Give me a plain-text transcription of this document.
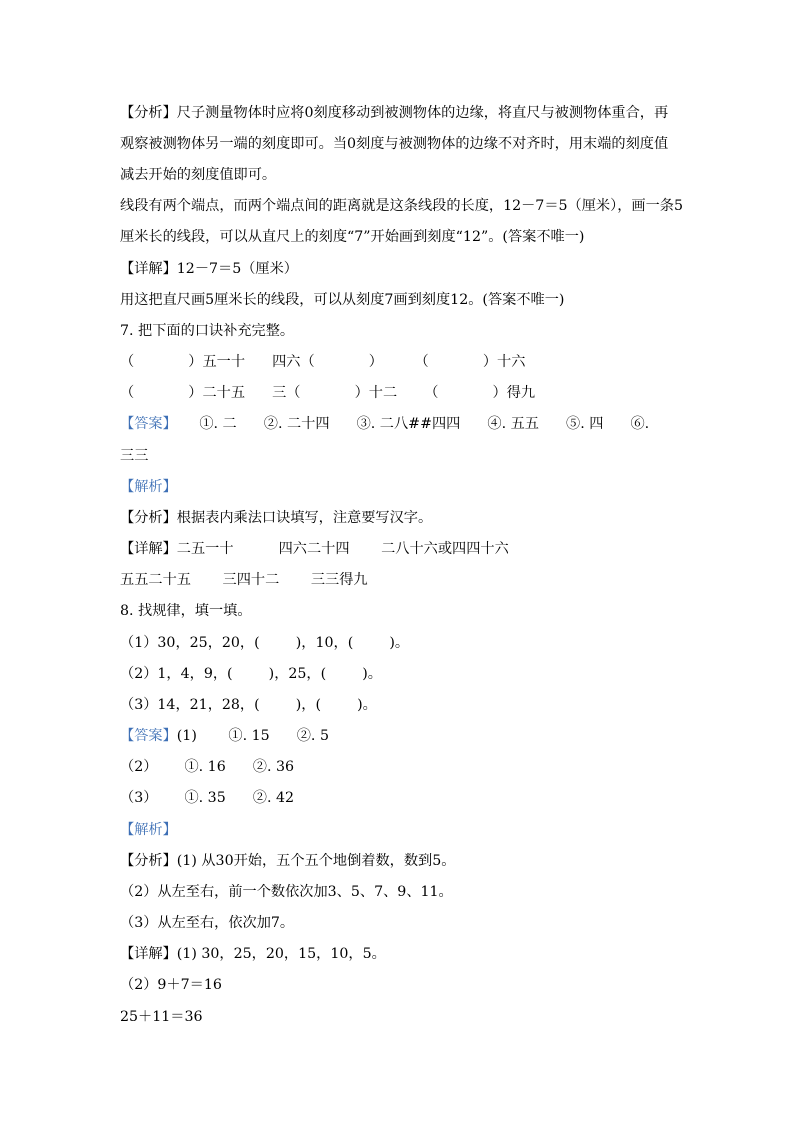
【分析】尺子测量物体时应将0刻度移动到被测物体的边缘，将直尺与被测物体重合，再
观察被测物体另一端的刻度即可。当0刻度与被测物体的边缘不对齐时，用末端的刻度值
减去开始的刻度值即可。
线段有两个端点，而两个端点间的距离就是这条线段的长度，12－7＝5（厘米），画一条5
厘米长的线段，可以从直尺上的刻度“7”开始画到刻度“12”。(答案不唯一)
【详解】12－7＝5（厘米）
用这把直尺画5厘米长的线段，可以从刻度7画到刻度12。(答案不唯一)
7. 把下面的口诀补充完整。
（            ）五一十      四六（            ）       （            ）十六
（            ）二十五      三（            ）十二      （            ）得九
【答案】     ①. 二      ②. 二十四      ③. 二八##四四      ④. 五五      ⑤. 四      ⑥.
三三
【解析】
【分析】根据表内乘法口诀填写，注意要写汉字。
【详解】二五一十          四六二十四       二八十六或四四十六
五五二十五       三四十二       三三得九
8. 找规律，填一填。
（1）30，25，20，(        )，10，(        )。
（2）1，4，9，(        )，25，(        )。
（3）14，21，28，(        )，(        )。
【答案】(1)       ①. 15      ②. 5
（2）      ①. 16      ②. 36
（3）      ①. 35      ②. 42
【解析】
【分析】(1) 从30开始，五个五个地倒着数，数到5。
（2）从左至右，前一个数依次加3、5、7、9、11。
（3）从左至右，依次加7。
【详解】(1) 30，25，20，15，10，5。
（2）9＋7＝16
25＋11＝36
